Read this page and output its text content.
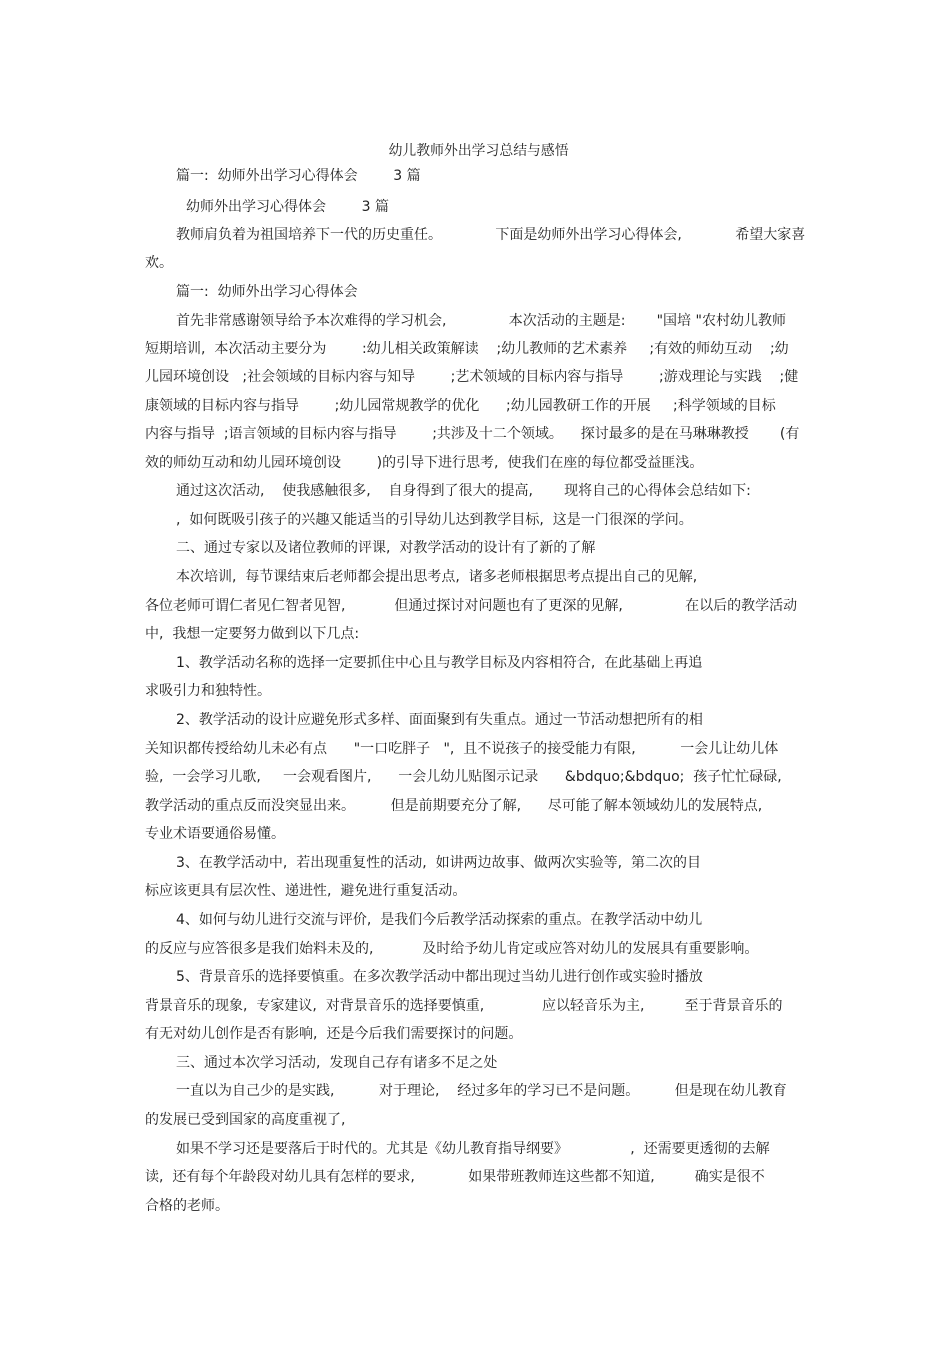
幼儿教师外出学习总结与感悟

篇一:  幼师外出学习心得体会        3 篇
幼师外出学习心得体会        3 篇
教师肩负着为祖国培养下一代的历史重任。            下面是幼师外出学习心得体会,            希望大家喜
欢。
篇一:  幼师外出学习心得体会
首先非常感谢领导给予本次难得的学习机会,              本次活动的主题是:       "国培 "农村幼儿教师
短期培训,  本次活动主要分为        :幼儿相关政策解读    ;幼儿教师的艺术素养     ;有效的师幼互动    ;幼
儿园环境创设   ;社会领域的目标内容与知导        ;艺术领域的目标内容与指导        ;游戏理论与实践    ;健
康领域的目标内容与指导        ;幼儿园常规教学的优化      ;幼儿园教研工作的开展     ;科学领域的目标
内容与指导  ;语言领域的目标内容与指导        ;共涉及十二个领域。    探讨最多的是在马琳琳教授       (有
效的师幼互动和幼儿园环境创设        )的引导下进行思考,  使我们在座的每位都受益匪浅。
通过这次活动,    使我感触很多,    自身得到了很大的提高,       现将自己的心得体会总结如下:
,  如何既吸引孩子的兴趣又能适当的引导幼儿达到教学目标,  这是一门很深的学问。
二、通过专家以及诸位教师的评课,  对教学活动的设计有了新的了解
本次培训,  每节课结束后老师都会提出思考点,  诸多老师根据思考点提出自己的见解,
各位老师可谓仁者见仁智者见智,           但通过探讨对问题也有了更深的见解,              在以后的教学活动
中,  我想一定要努力做到以下几点:
1、教学活动名称的选择一定要抓住中心且与教学目标及内容相符合,  在此基础上再追
求吸引力和独特性。
2、教学活动的设计应避免形式多样、面面聚到有失重点。通过一节活动想把所有的相
关知识都传授给幼儿未必有点      "一口吃胖子   ",  且不说孩子的接受能力有限,          一会儿让幼儿体
验,  一会学习儿歌,     一会观看图片,      一会儿幼儿贴图示记录      &bdquo;&bdquo;  孩子忙忙碌碌,
教学活动的重点反而没突显出来。        但是前期要充分了解,      尽可能了解本领域幼儿的发展特点,
专业术语要通俗易懂。
3、在教学活动中,  若出现重复性的活动,  如讲两边故事、做两次实验等,  第二次的目
标应该更具有层次性、递进性,  避免进行重复活动。
4、如何与幼儿进行交流与评价,  是我们今后教学活动探索的重点。在教学活动中幼儿
的反应与应答很多是我们始料未及的,           及时给予幼儿肯定或应答对幼儿的发展具有重要影响。
5、背景音乐的选择要慎重。在多次教学活动中都出现过当幼儿进行创作或实验时播放
背景音乐的现象,  专家建议,  对背景音乐的选择要慎重,             应以轻音乐为主,         至于背景音乐的
有无对幼儿创作是否有影响,  还是今后我们需要探讨的问题。
三、通过本次学习活动,  发现自己存有诸多不足之处
一直以为自己少的是实践,          对于理论,    经过多年的学习已不是问题。        但是现在幼儿教育
的发展已受到国家的高度重视了,
如果不学习还是要落后于时代的。尤其是《幼儿教育指导纲要》              ,  还需要更透彻的去解
读,  还有每个年龄段对幼儿具有怎样的要求,            如果带班教师连这些都不知道,         确实是很不
合格的老师。
